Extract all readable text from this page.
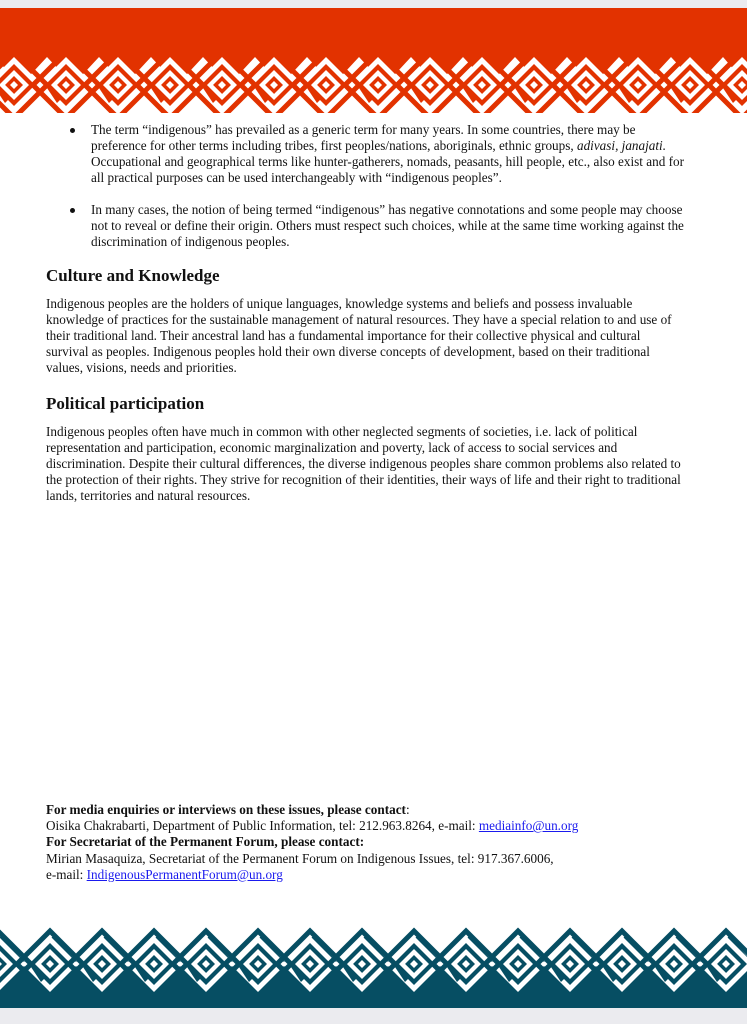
The term “indigenous” has prevailed as a generic term for many years. In some countries, there may be preference for other terms including tribes, first peoples/nations, aboriginals, ethnic groups, adivasi, janajati. Occupational and geographical terms like hunter-gatherers, nomads, peasants, hill people, etc., also exist and for all practical purposes can be used interchangeably with “indigenous peoples”.
In many cases, the notion of being termed “indigenous” has negative connotations and some people may choose not to reveal or define their origin. Others must respect such choices, while at the same time working against the discrimination of indigenous peoples.
Culture and Knowledge

Indigenous peoples are the holders of unique languages, knowledge systems and beliefs and possess invaluable knowledge of practices for the sustainable management of natural resources. They have a special relation to and use of their traditional land. Their ancestral land has a fundamental importance for their collective physical and cultural survival as peoples. Indigenous peoples hold their own diverse concepts of development, based on their traditional values, visions, needs and priorities.

Political participation

Indigenous peoples often have much in common with other neglected segments of societies, i.e. lack of political representation and participation, economic marginalization and poverty, lack of access to social services and discrimination. Despite their cultural differences, the diverse indigenous peoples share common problems also related to the protection of their rights. They strive for recognition of their identities, their ways of life and their right to traditional lands, territories and natural resources.

For media enquiries or interviews on these issues, please contact:
Oisika Chakrabarti, Department of Public Information, tel: 212.963.8264, e-mail: mediainfo@un.org
For Secretariat of the Permanent Forum, please contact:
Mirian Masaquiza, Secretariat of the Permanent Forum on Indigenous Issues, tel: 917.367.6006,
e-mail: IndigenousPermanentForum@un.org
